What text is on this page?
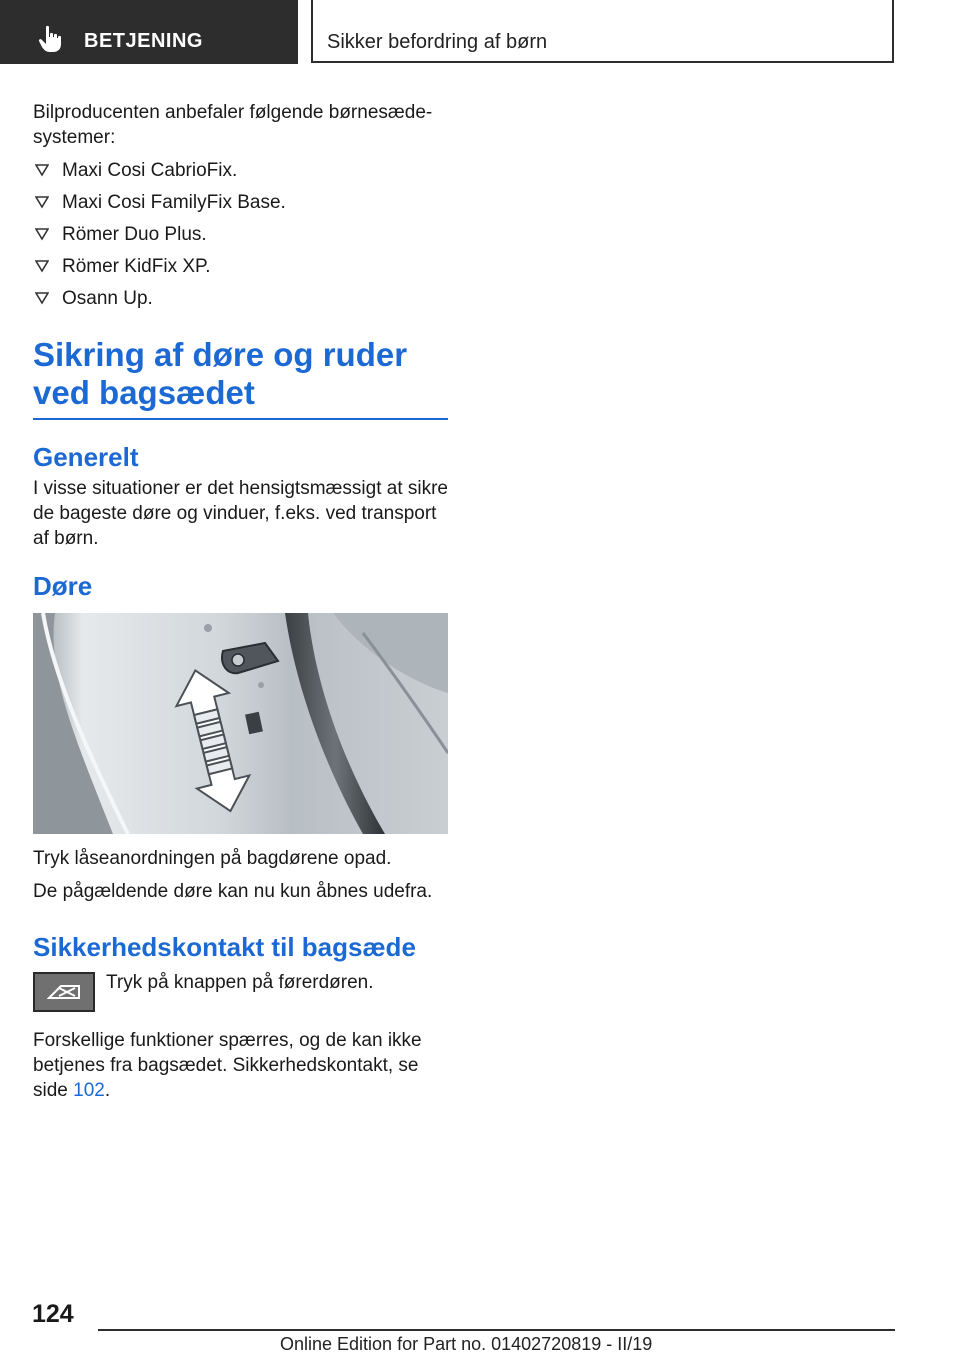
BETJENING	Sikker befordring af børn

Bilproducenten anbefaler følgende børnesæde-systemer:

Maxi Cosi CabrioFix.
Maxi Cosi FamilyFix Base.
Römer Duo Plus.
Römer KidFix XP.
Osann Up.
Sikring af døre og ruder ved bagsædet
Generelt

I visse situationer er det hensigtsmæssigt at sikre de bageste døre og vinduer, f.eks. ved transport af børn.

Døre

Tryk låseanordningen på bagdørene opad.

De pågældende døre kan nu kun åbnes udefra.

Sikkerhedskontakt til bagsæde

Tryk på knappen på førerdøren.

Forskellige funktioner spærres, og de kan ikke betjenes fra bagsædet. Sikkerhedskontakt, se side 102.

124
Online Edition for Part no. 01402720819 - II/19
